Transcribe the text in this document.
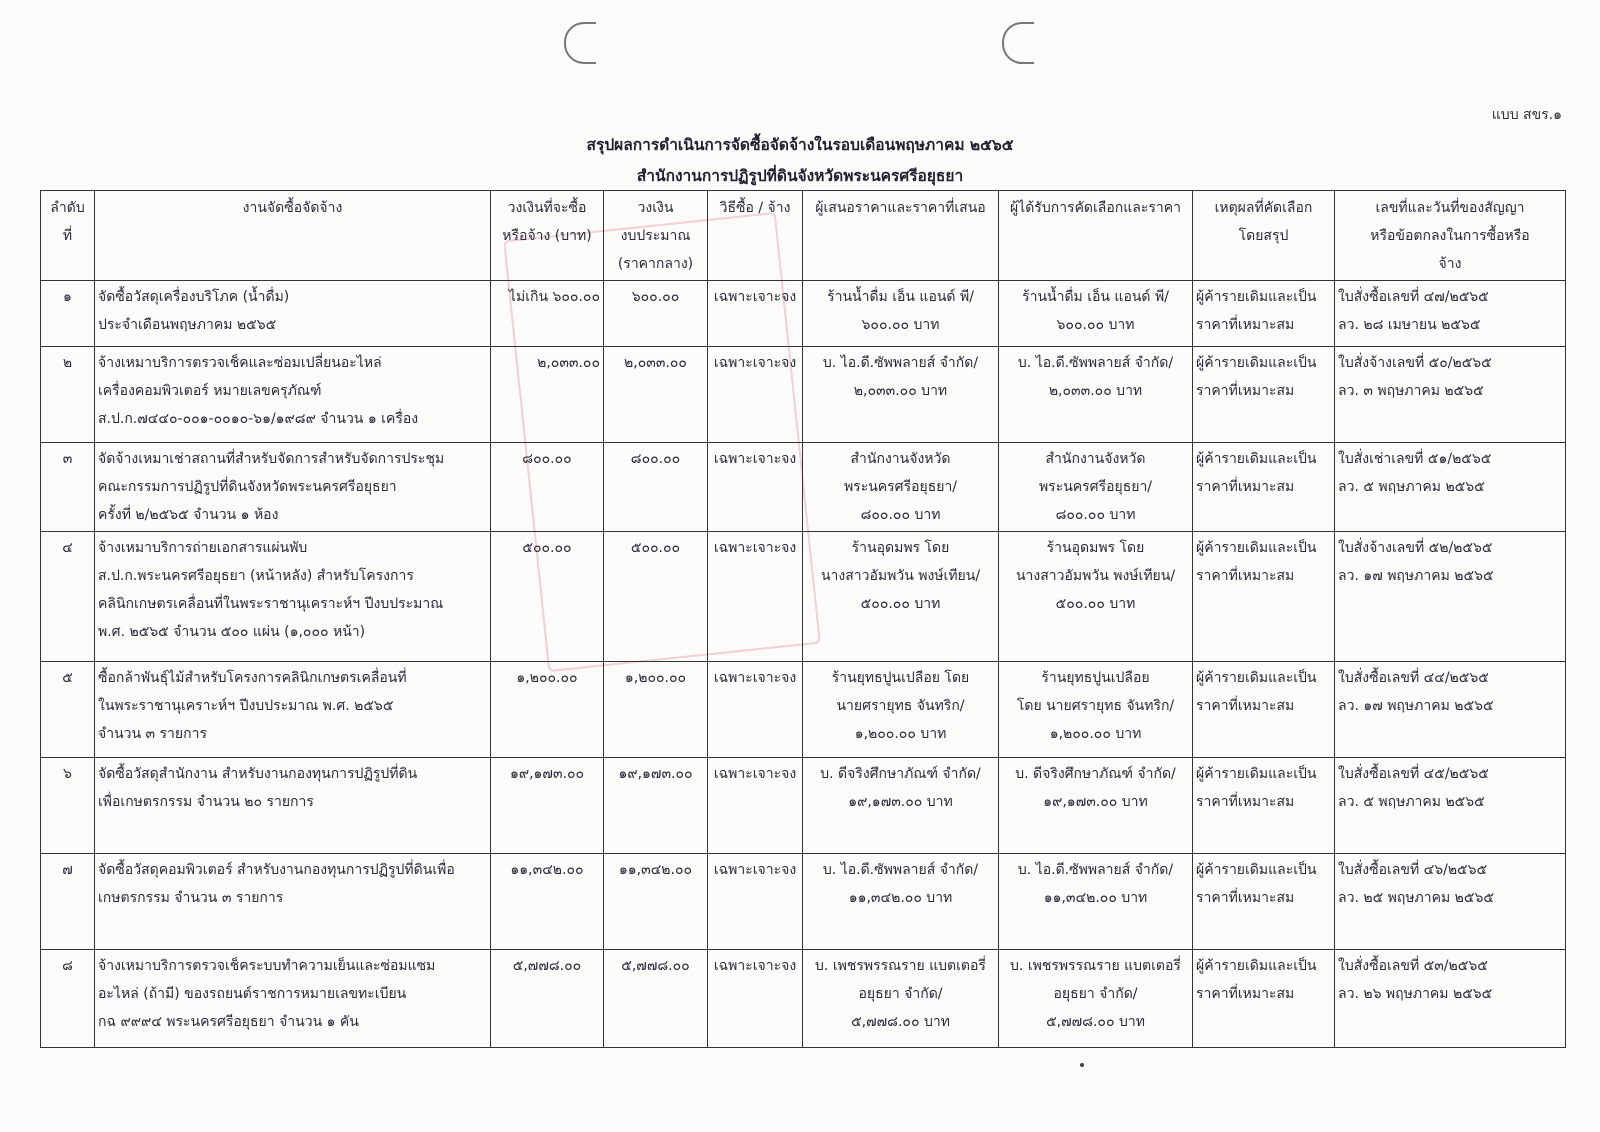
แบบ สขร.๑
สรุปผลการดำเนินการจัดซื้อจัดจ้างในรอบเดือนพฤษภาคม ๒๕๖๕
สำนักงานการปฏิรูปที่ดินจังหวัดพระนครศรีอยุธยา
ลำดับ
ที่	งานจัดซื้อจัดจ้าง	วงเงินที่จะซื้อ
หรือจ้าง (บาท)	วงเงิน
งบประมาณ
(ราคากลาง)	วิธีซื้อ / จ้าง	ผู้เสนอราคาและราคาที่เสนอ	ผู้ได้รับการคัดเลือกและราคา	เหตุผลที่คัดเลือก
โดยสรุป	เลขที่และวันที่ของสัญญา
หรือข้อตกลงในการซื้อหรือ
จ้าง
๑	จัดซื้อวัสดุเครื่องบริโภค (น้ำดื่ม)
ประจำเดือนพฤษภาคม ๒๕๖๕	ไม่เกิน ๖๐๐.๐๐	๖๐๐.๐๐	เฉพาะเจาะจง	ร้านน้ำดื่ม เอ็น แอนด์ พี/
๖๐๐.๐๐ บาท	ร้านน้ำดื่ม เอ็น แอนด์ พี/
๖๐๐.๐๐ บาท	ผู้ค้ารายเดิมและเป็น
ราคาที่เหมาะสม	ใบสั่งซื้อเลขที่ ๔๗/๒๕๖๕
ลว. ๒๘ เมษายน ๒๕๖๕
๒	จ้างเหมาบริการตรวจเช็คและซ่อมเปลี่ยนอะไหล่
เครื่องคอมพิวเตอร์ หมายเลขครุภัณฑ์
ส.ป.ก.๗๔๔๐-๐๐๑-๐๐๑๐-๖๑/๑๙๘๙ จำนวน ๑ เครื่อง	๒,๐๓๓.๐๐	๒,๐๓๓.๐๐	เฉพาะเจาะจง	บ. ไอ.ดี.ซัพพลายส์ จำกัด/
๒,๐๓๓.๐๐ บาท	บ. ไอ.ดี.ซัพพลายส์ จำกัด/
๒,๐๓๓.๐๐ บาท	ผู้ค้ารายเดิมและเป็น
ราคาที่เหมาะสม	ใบสั่งจ้างเลขที่ ๕๐/๒๕๖๕
ลว. ๓ พฤษภาคม ๒๕๖๕
๓	จัดจ้างเหมาเช่าสถานที่สำหรับจัดการสำหรับจัดการประชุม
คณะกรรมการปฏิรูปที่ดินจังหวัดพระนครศรีอยุธยา
ครั้งที่ ๒/๒๕๖๕ จำนวน ๑ ห้อง	๘๐๐.๐๐	๘๐๐.๐๐	เฉพาะเจาะจง	สำนักงานจังหวัด
พระนครศรีอยุธยา/
๘๐๐.๐๐ บาท	สำนักงานจังหวัด
พระนครศรีอยุธยา/
๘๐๐.๐๐ บาท	ผู้ค้ารายเดิมและเป็น
ราคาที่เหมาะสม	ใบสั่งเช่าเลขที่ ๕๑/๒๕๖๕
ลว. ๕ พฤษภาคม ๒๕๖๕
๔	จ้างเหมาบริการถ่ายเอกสารแผ่นพับ
ส.ป.ก.พระนครศรีอยุธยา (หน้าหลัง) สำหรับโครงการ
คลินิกเกษตรเคลื่อนที่ในพระราชานุเคราะห์ฯ ปีงบประมาณ
พ.ศ. ๒๕๖๕ จำนวน ๕๐๐ แผ่น (๑,๐๐๐ หน้า)	๕๐๐.๐๐	๕๐๐.๐๐	เฉพาะเจาะจง	ร้านอุดมพร โดย
นางสาวอัมพวัน พงษ์เทียน/
๕๐๐.๐๐ บาท	ร้านอุดมพร โดย
นางสาวอัมพวัน พงษ์เทียน/
๕๐๐.๐๐ บาท	ผู้ค้ารายเดิมและเป็น
ราคาที่เหมาะสม	ใบสั่งจ้างเลขที่ ๕๒/๒๕๖๕
ลว. ๑๗ พฤษภาคม ๒๕๖๕
๕	ซื้อกล้าพันธุ์ไม้สำหรับโครงการคลินิกเกษตรเคลื่อนที่
ในพระราชานุเคราะห์ฯ ปีงบประมาณ พ.ศ. ๒๕๖๕
จำนวน ๓ รายการ	๑,๒๐๐.๐๐	๑,๒๐๐.๐๐	เฉพาะเจาะจง	ร้านยุทธปูนเปลือย โดย
นายศรายุทธ จันทริก/
๑,๒๐๐.๐๐ บาท	ร้านยุทธปูนเปลือย
โดย นายศรายุทธ จันทริก/
๑,๒๐๐.๐๐ บาท	ผู้ค้ารายเดิมและเป็น
ราคาที่เหมาะสม	ใบสั่งซื้อเลขที่ ๔๔/๒๕๖๕
ลว. ๑๗ พฤษภาคม ๒๕๖๕
๖	จัดซื้อวัสดุสำนักงาน สำหรับงานกองทุนการปฏิรูปที่ดิน
เพื่อเกษตรกรรม จำนวน ๒๐ รายการ	๑๙,๑๗๓.๐๐	๑๙,๑๗๓.๐๐	เฉพาะเจาะจง	บ. ดีจริงศึกษาภัณฑ์ จำกัด/
๑๙,๑๗๓.๐๐ บาท	บ. ดีจริงศึกษาภัณฑ์ จำกัด/
๑๙,๑๗๓.๐๐ บาท	ผู้ค้ารายเดิมและเป็น
ราคาที่เหมาะสม	ใบสั่งซื้อเลขที่ ๔๕/๒๕๖๕
ลว. ๕ พฤษภาคม ๒๕๖๕
๗	จัดซื้อวัสดุคอมพิวเตอร์ สำหรับงานกองทุนการปฏิรูปที่ดินเพื่อ
เกษตรกรรม จำนวน ๓ รายการ	๑๑,๓๔๒.๐๐	๑๑,๓๔๒.๐๐	เฉพาะเจาะจง	บ. ไอ.ดี.ซัพพลายส์ จำกัด/
๑๑,๓๔๒.๐๐ บาท	บ. ไอ.ดี.ซัพพลายส์ จำกัด/
๑๑,๓๔๒.๐๐ บาท	ผู้ค้ารายเดิมและเป็น
ราคาที่เหมาะสม	ใบสั่งซื้อเลขที่ ๔๖/๒๕๖๕
ลว. ๒๕ พฤษภาคม ๒๕๖๕
๘	จ้างเหมาบริการตรวจเช็คระบบทำความเย็นและซ่อมแซม
อะไหล่ (ถ้ามี) ของรถยนต์ราชการหมายเลขทะเบียน
กฉ ๙๙๙๔ พระนครศรีอยุธยา จำนวน ๑ คัน	๕,๗๗๘.๐๐	๕,๗๗๘.๐๐	เฉพาะเจาะจง	บ. เพชรพรรณราย แบตเตอรี่
อยุธยา จำกัด/
๕,๗๗๘.๐๐ บาท	บ. เพชรพรรณราย แบตเตอรี่
อยุธยา จำกัด/
๕,๗๗๘.๐๐ บาท	ผู้ค้ารายเดิมและเป็น
ราคาที่เหมาะสม	ใบสั่งซื้อเลขที่ ๕๓/๒๕๖๕
ลว. ๒๖ พฤษภาคม ๒๕๖๕
